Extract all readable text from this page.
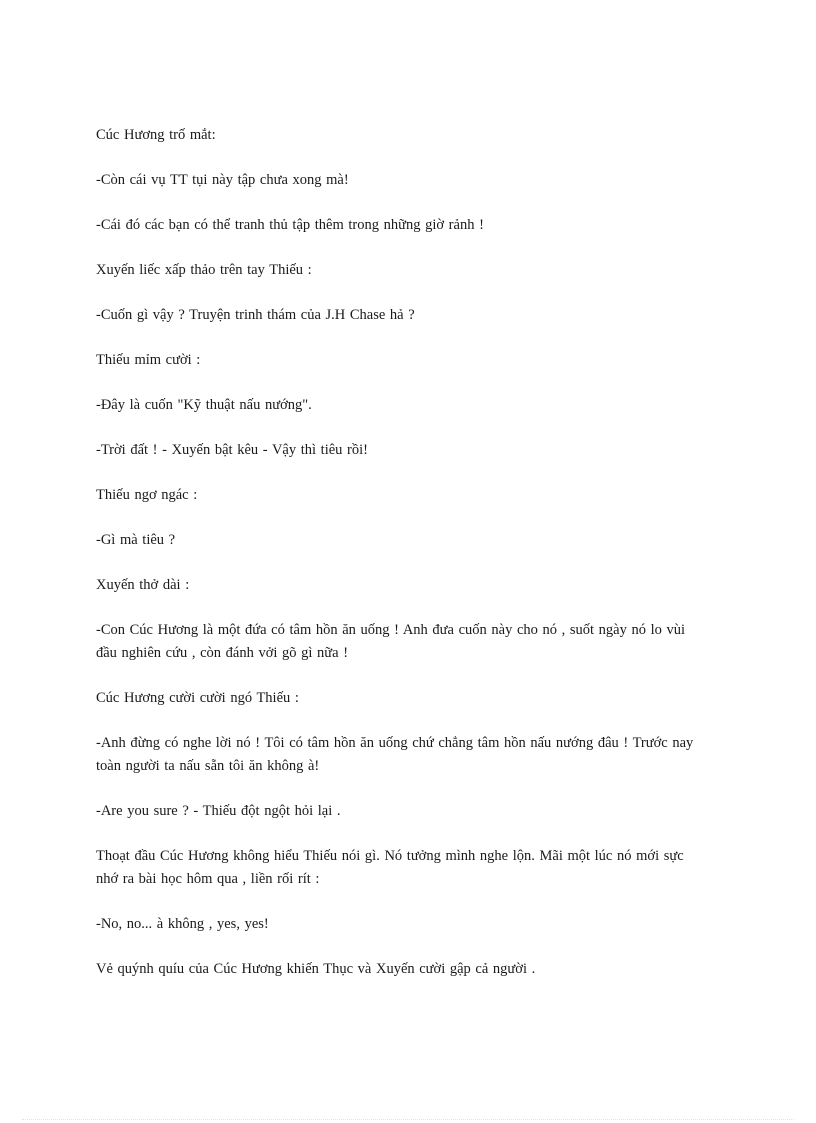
Cúc Hương trố mắt:

-Còn cái vụ TT tụi này tập chưa xong mà!

-Cái đó các bạn có thể tranh thủ tập thêm trong những giờ rảnh !

Xuyến liếc xấp thảo trên tay Thiếu :

-Cuốn gì vậy ? Truyện trinh thám của J.H Chase hả ?

Thiếu mỉm cười :

-Đây là cuốn "Kỹ thuật nấu nướng".

-Trời đất ! - Xuyến bật kêu - Vậy thì tiêu rồi!

Thiếu ngơ ngác :

-Gì mà tiêu ?

Xuyến thở dài :

-Con Cúc Hương là một đứa có tâm hồn ăn uống ! Anh đưa cuốn này cho nó , suốt ngày nó lo vùi đầu nghiên cứu , còn đánh vởi gõ gì nữa !

Cúc Hương cười cười ngó Thiếu :

-Anh đừng có nghe lời nó ! Tôi có tâm hồn ăn uống chứ chẳng tâm hồn nấu nướng đâu ! Trước nay toàn người ta nấu sẵn tôi ăn không à!

-Are you sure ? - Thiếu đột ngột hỏi lại .

Thoạt đầu Cúc Hương không hiểu Thiếu nói gì. Nó tưởng mình nghe lộn. Mãi một lúc nó mới sực nhớ ra bài học hôm qua , liền rối rít :

-No, no... à không , yes, yes!

Vẻ quýnh quíu của Cúc Hương khiến Thục và Xuyến cười gập cả người .
